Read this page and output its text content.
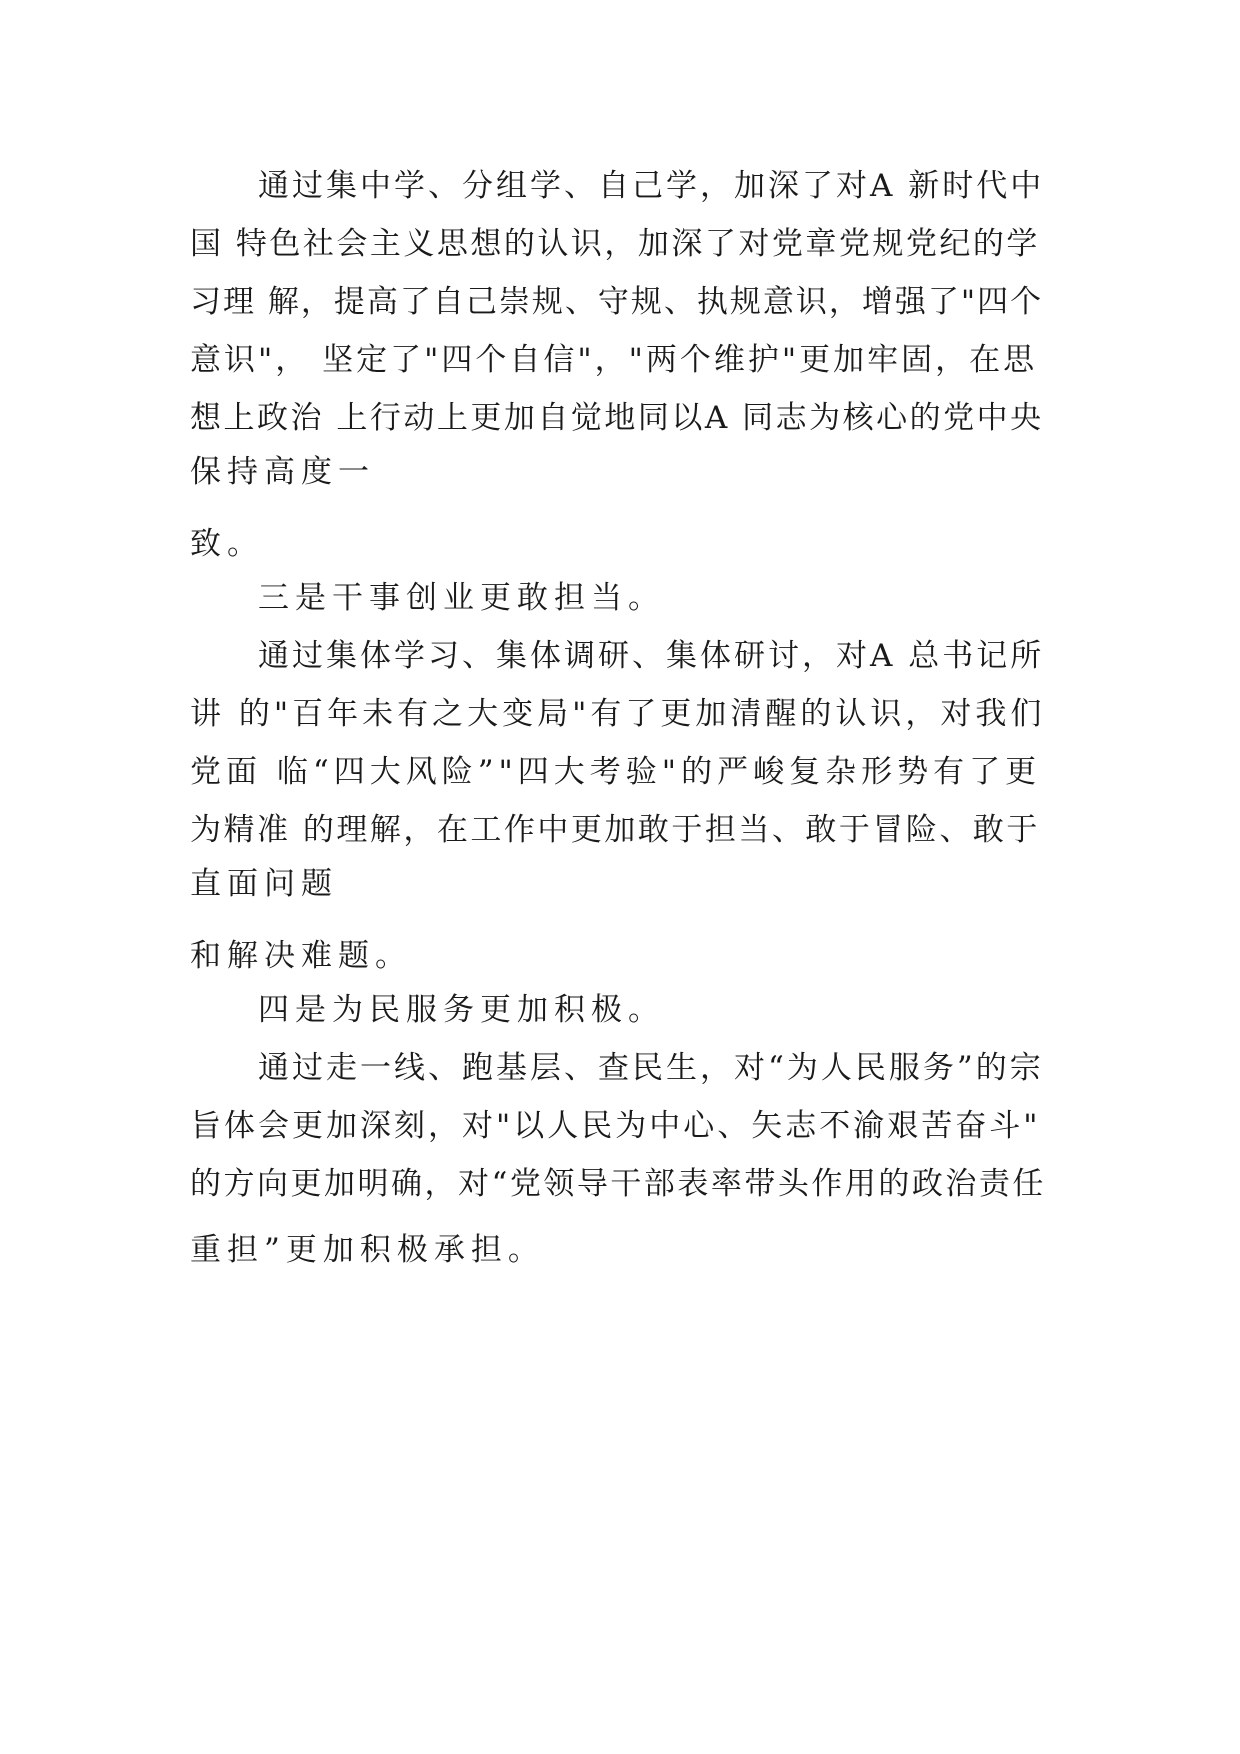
通过集中学、分组学、自己学，加深了对A 新时代中
国 特色社会主义思想的认识，加深了对党章党规党纪的学
习理 解，提高了自己崇规、守规、执规意识，增强了"四个
意识"， 坚定了"四个自信"，"两个维护"更加牢固，在思
想上政治 上行动上更加自觉地同以A 同志为核心的党中央
保持高度一
致。
三是干事创业更敢担当。
通过集体学习、集体调研、集体研讨，对A 总书记所
讲 的"百年未有之大变局"有了更加清醒的认识，对我们
党面 临“四大风险”"四大考验"的严峻复杂形势有了更
为精准 的理解，在工作中更加敢于担当、敢于冒险、敢于
直面问题
和解决难题。
四是为民服务更加积极。
通过走一线、跑基层、查民生，对“为人民服务”的宗
旨体会更加深刻，对"以人民为中心、矢志不渝艰苦奋斗"
的方向更加明确，对“党领导干部表率带头作用的政治责任
重担”更加积极承担。
